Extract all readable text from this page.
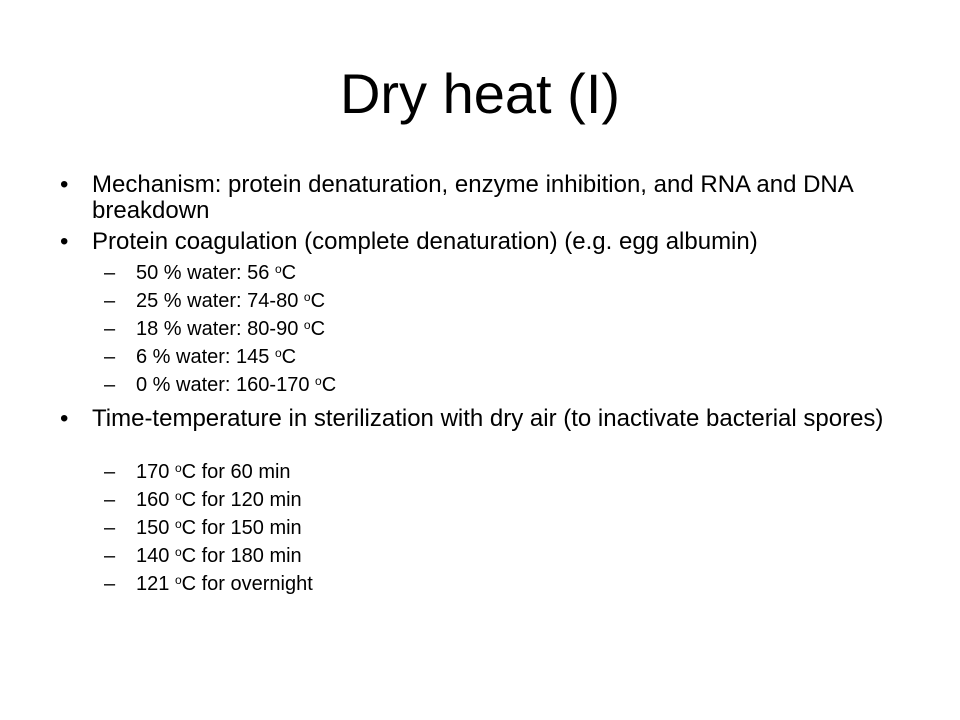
Dry heat (I)
• Mechanism: protein denaturation, enzyme inhibition, and RNA and DNA breakdown
• Protein coagulation (complete denaturation) (e.g. egg albumin)
– 50 % water: 56 $^o$C
– 25 % water: 74-80 $^o$C
– 18 % water: 80-90 $^o$C
– 6 % water: 145 $^o$C
– 0 % water: 160-170 $^o$C
• Time-temperature in sterilization with dry air (to inactivate bacterial spores)
– 170 $^o$C for 60 min
– 160 $^o$C for 120 min
– 150 $^o$C for 150 min
– 140 $^o$C for 180 min
– 121 $^o$C for overnight
